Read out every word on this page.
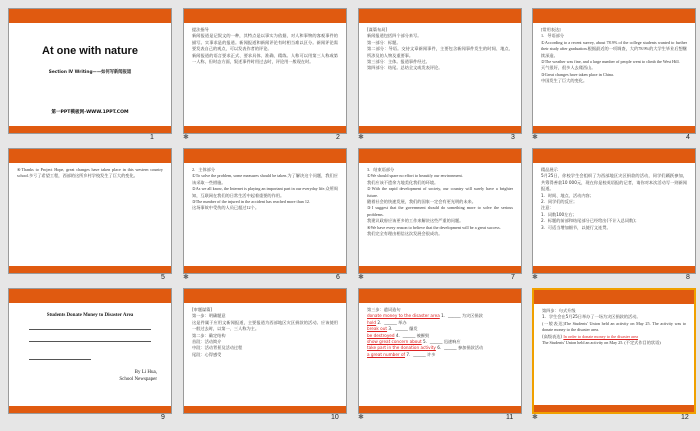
At one with nature
Section Ⅳ Writing——如何写新闻报道
第一PPT模板网-WWW.1PPT.COM
1

提法指导

新闻报道是记叙文的一种，其特点是以事实为依据，对人和事物的客观事件的描写。实事求是的报道。新闻报道和新闻评论有时相当难以区分。新闻评论需要发表自己的观点，可以发表作者的评论。

新闻报道的语言要求正式、要求具体、准确、精练。人称可以用第三人称或第一人称，但时态方面，叙述事件时用过去时，评论用一般现在时。

✱	2

[谋篇布局]

新闻报道包括四个部分来写。

第一部分：标题。

第二部分：导语。交待文章新闻事件，主要包含新闻事件发生的时间、地点、所涉及的人物及重要事。

第三部分：主体。报道事件经过。

第四部分：结尾。总结全文或发表评论。

✱	3

[常用表达]

1．导语部分

①According to a recent survey, about 78.9% of the college students wanted to further their study after graduation.根据最近的一项调查，大约78.9%的大学生毕业后想继续深造。

②The weather was fine, and a large number of people went to climb the West Hill.

天气很好，很多人去爬西山。

③Great changes have taken place in China.

中国发生了巨大的变化。

✱	4

④Thanks to Project Hope, great changes have taken place in this western country school.多亏了希望工程，西部的这所乡村学校发生了巨大的变化。

5

2．主体部分

①To solve the problem, some measures should be taken.为了解决这个问题，我们应该采取一些措施。

②As we all know, the Internet is playing an important part in our everyday life.众所周知，互联网在我们的日常生活中起着重要的作用。

③The number of the injured in the accident has reached more than 12.

这场事故中受伤的人员已超过12个。

✱	6

3．结束语部分

①We should spare no effort to beautify our environment.

我们应该不遗余力地美化我们的环境。

②With the rapid development of society, our country will surely have a brighter future.

随着社会的快速发展，我们的国家一定会有更光明的未来。

③I suggest that the government should do something more to solve the serious problems.

我建议政府应该更多的工作来解决这些严重的问题。

④We have every reason to believe that the development will be a great success.

我们完全有理由相信这次发展会很成功。

✱	7

精品展示

5月25日，你校学生会组织了为西部地区灾区捐款的活动，同学们踊跃参加，共筹得善款10 000元，现在你是校英语报的记者，请你对本次活动写一则新闻报道。

1．时间、地点、活动内容；

2．同学们的反应；

注意：

1．词数100左右；

2．标题的前部和结尾部分已经给出(不计入总词数)；

3．可适当增加细节，以使行文连贯。

✱	8
Students Donate Money to Disaster Area
By Li Hua,
School Newspaper
9

[审题谋篇]

第一步：明确题意

这是件属于应用文新闻报道，主要报道为西部地区灾区捐款的活动。应该使用一般过去时，以第一、三人称为主。

第二步：确定结构

首段：活动简介

中段：活动背景及活动过程

尾段：心得感受

10

第三步：遣词造句

donate money to the disaster area 1．______ 为灾区捐款

hold 2．______ 举办

break out 3．______ 爆发

be destroyed 4．______ 被摧毁

show great concern about 5．______ 迅速响应

take part in the donation activity 6．______ 参加捐款活动

a great number of 7．______ 许多

✱	11

第四步：句式升级

1．学生会在5月25日举办了一场为灾区捐款的活动。

(一般表达)The Students' Union held an activity on May 25. The activity was to donate money to the disaster area.

(高级表达) In order to donate money to the disaster area

The Students' Union held an activity on May 25. (不定式作目的状语)

✱	12
